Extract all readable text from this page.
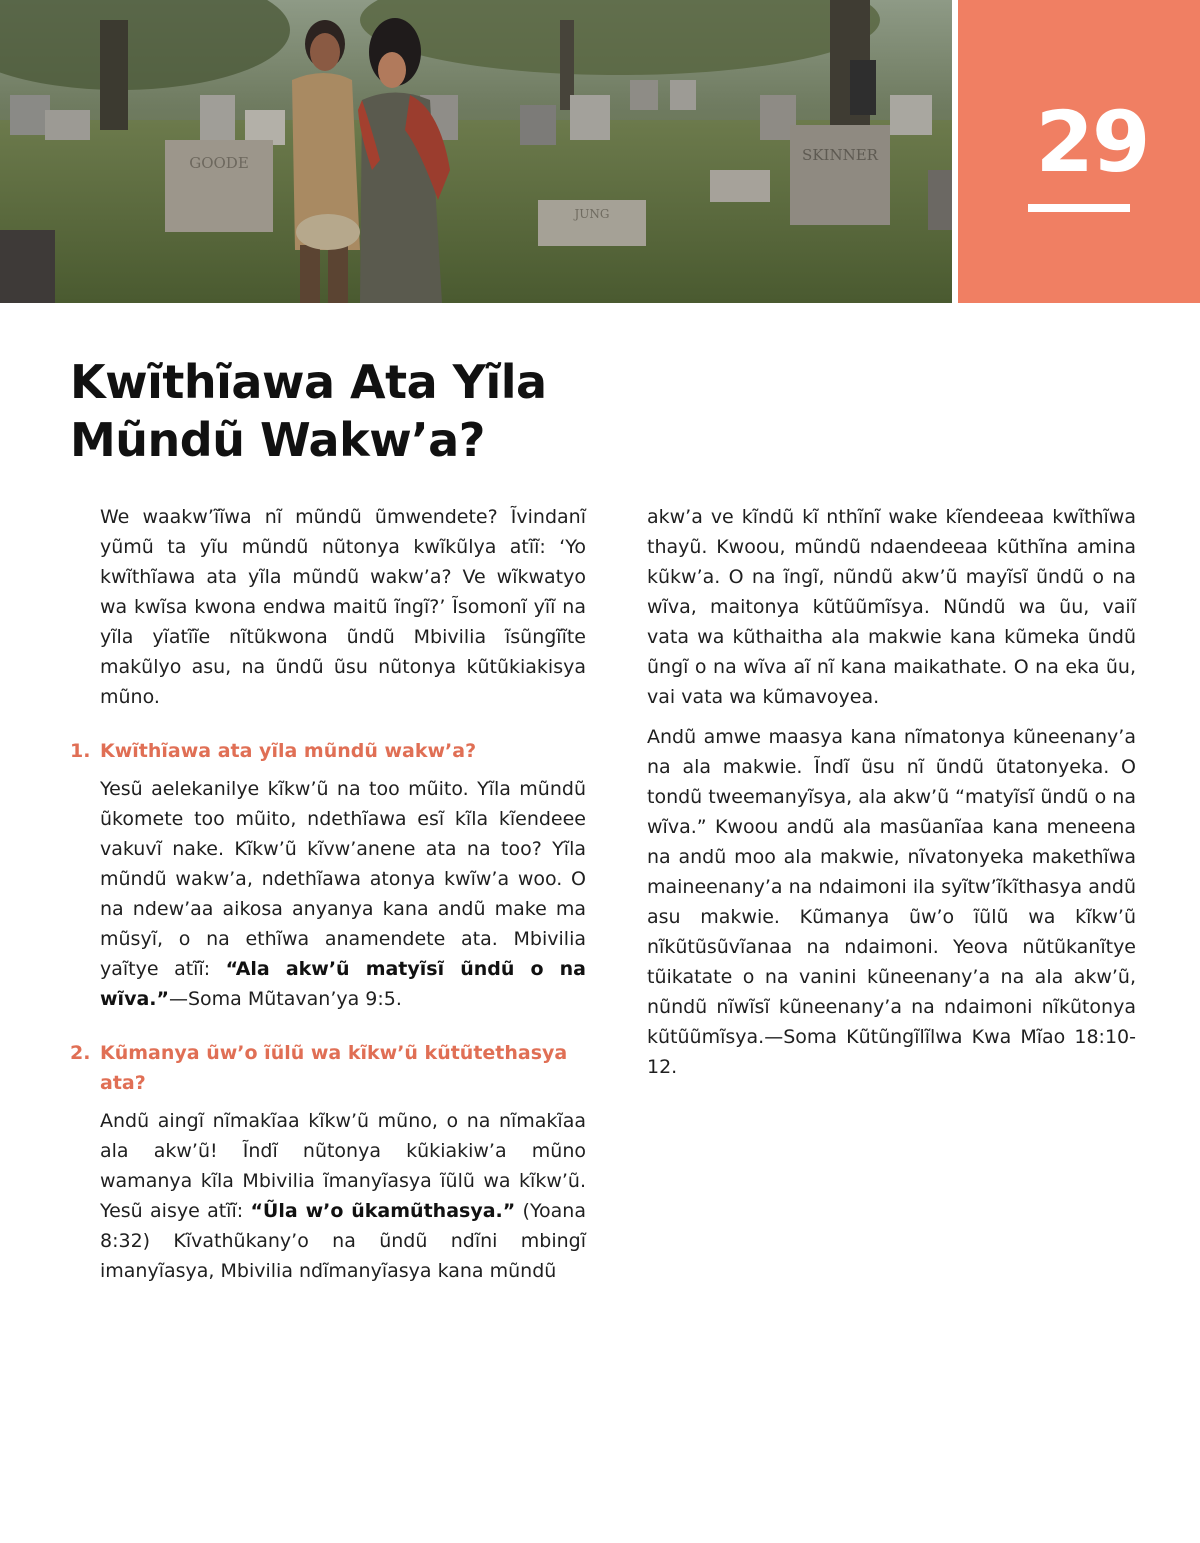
GOODE
JUNG
SKINNER	29
Kwĩthĩawa Ata Yĩla
Mũndũ Wakw’a?

We waakw’ĩĩwa nĩ mũndũ ũmwendete? Ĩvindanĩ yũmũ ta yĩu mũndũ nũtonya kwĩkũlya atĩĩ: ‘Yo kwĩthĩawa ata yĩla mũndũ wakw’a? Ve wĩkwatyo wa kwĩsa kwona endwa maitũ ĩngĩ?’ Ĩsomonĩ yĩĩ na yĩla yĩatĩĩe nĩtũkwona ũndũ Mbivilia ĩsũngĩĩte makũlyo asu, na ũndũ ũsu nũtonya kũtũkiakisya mũno.

1. Kwĩthĩawa ata yĩla mũndũ wakw’a?

Yesũ aelekanilye kĩkw’ũ na too mũito. Yĩla mũndũ ũkomete too mũito, ndethĩawa esĩ kĩla kĩendeee vakuvĩ nake. Kĩkw’ũ kĩvw’anene ata na too? Yĩla mũndũ wakw’a, ndethĩawa atonya kwĩw’a woo. O na ndew’aa aikosa anyanya kana andũ make ma mũsyĩ, o na ethĩwa anamendete ata. Mbivilia yaĩtye atĩĩ: “Ala akw’ũ matyĩsĩ ũndũ o na wĩva.”—Soma Mũtavan’ya 9:5.

2. Kũmanya ũw’o ĩũlũ wa kĩkw’ũ kũtũtethasya ata?

Andũ aingĩ nĩmakĩaa kĩkw’ũ mũno, o na nĩmakĩaa ala akw’ũ! Ĩndĩ nũtonya kũkiakiw’a mũno wamanya kĩla Mbivilia ĩmanyĩasya ĩũlũ wa kĩkw’ũ. Yesũ aisye atĩĩ: “Ũla w’o ũkamũthasya.” (Yoana 8:32) Kĩvathũkany’o na ũndũ ndĩni mbingĩ imanyĩasya, Mbivilia ndĩmanyĩasya kana mũndũ

akw’a ve kĩndũ kĩ nthĩnĩ wake kĩendeeaa kwĩthĩwa thayũ. Kwoou, mũndũ ndaendeeaa kũthĩna amina kũkw’a. O na ĩngĩ, nũndũ akw’ũ mayĩsĩ ũndũ o na wĩva, maitonya kũtũũmĩsya. Nũndũ wa ũu, vaiĩ vata wa kũthaitha ala makwie kana kũmeka ũndũ ũngĩ o na wĩva aĩ nĩ kana maikathate. O na eka ũu, vai vata wa kũmavoyea.

Andũ amwe maasya kana nĩmatonya kũneenany’a na ala makwie. Ĩndĩ ũsu nĩ ũndũ ũtatonyeka. O tondũ tweemanyĩsya, ala akw’ũ “matyĩsĩ ũndũ o na wĩva.” Kwoou andũ ala masũanĩaa kana meneena na andũ moo ala makwie, nĩvatonyeka makethĩwa maineenany’a na ndaimoni ila syĩtw’ĩkĩthasya andũ asu makwie. Kũmanya ũw’o ĩũlũ wa kĩkw’ũ nĩkũtũsũvĩanaa na ndaimoni. Yeova nũtũkanĩtye tũikatate o na vanini kũneenany’a na ala akw’ũ, nũndũ nĩwĩsĩ kũneenany’a na ndaimoni nĩkũtonya kũtũũmĩsya.—Soma Kũtũngĩlĩlwa Kwa Mĩao 18:10-12.
